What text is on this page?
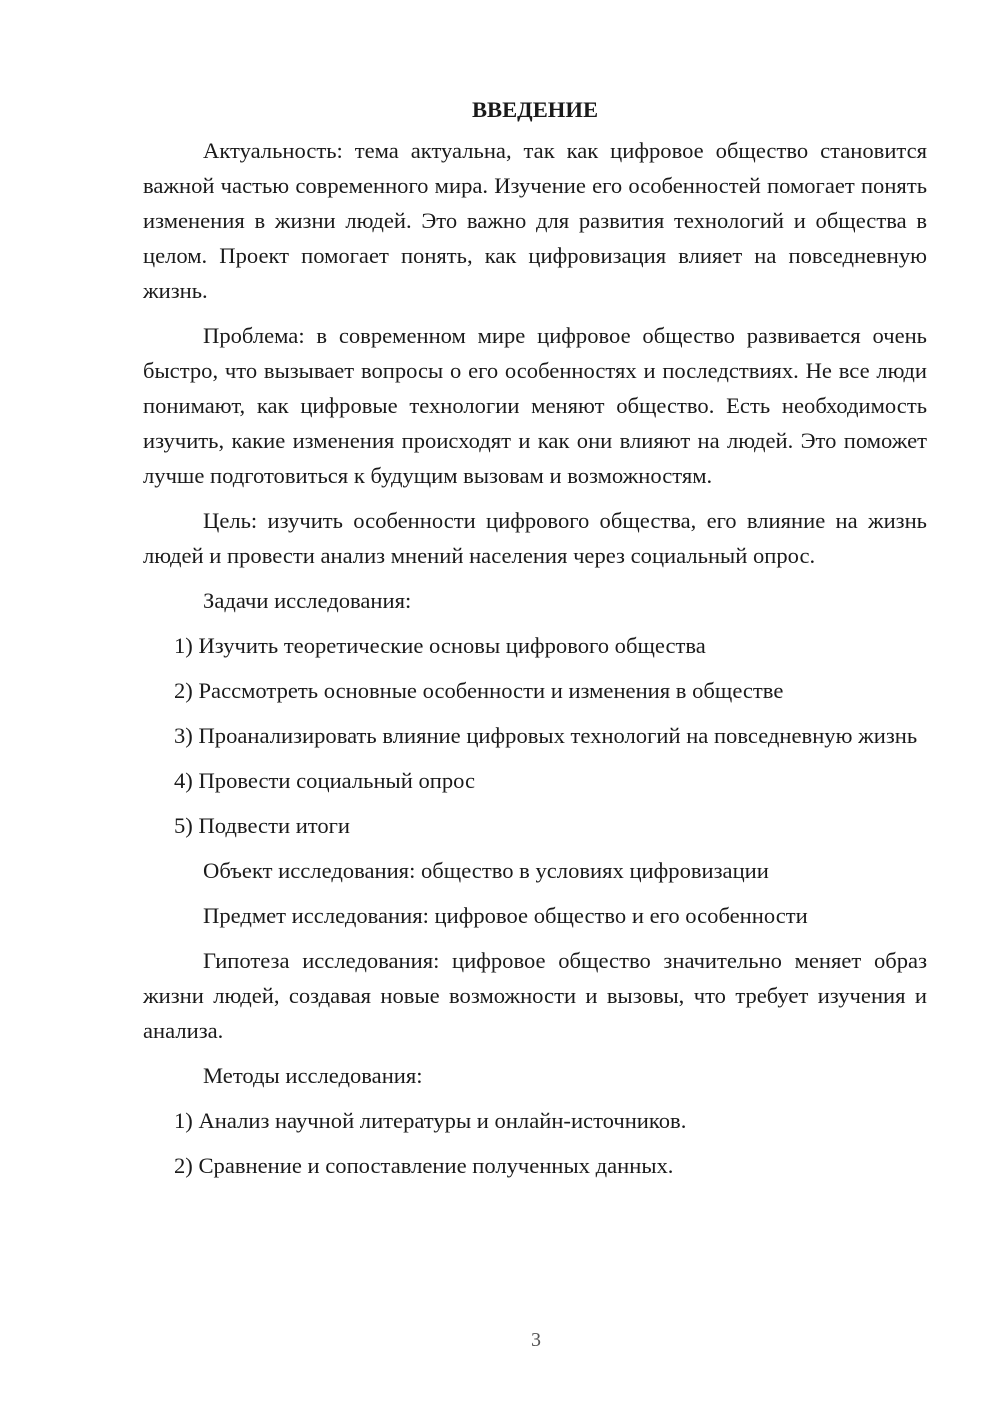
ВВЕДЕНИЕ

Актуальность: тема актуальна, так как цифровое общество становится важной частью современного мира. Изучение его особенностей помогает понять изменения в жизни людей. Это важно для развития технологий и общества в целом. Проект помогает понять, как цифровизация влияет на повседневную жизнь.

Проблема: в современном мире цифровое общество развивается очень быстро, что вызывает вопросы о его особенностях и последствиях. Не все люди понимают, как цифровые технологии меняют общество. Есть необходимость изучить, какие изменения происходят и как они влияют на людей. Это поможет лучше подготовиться к будущим вызовам и возможностям.

Цель: изучить особенности цифрового общества, его влияние на жизнь людей и провести анализ мнений населения через социальный опрос.

Задачи исследования:

1) Изучить теоретические основы цифрового общества

2) Рассмотреть основные особенности и изменения в обществе

3) Проанализировать влияние цифровых технологий на повседневную жизнь

4) Провести социальный опрос

5) Подвести итоги

Объект исследования: общество в условиях цифровизации

Предмет исследования: цифровое общество и его особенности

Гипотеза исследования: цифровое общество значительно меняет образ жизни людей, создавая новые возможности и вызовы, что требует изучения и анализа.

Методы исследования:

1) Анализ научной литературы и онлайн-источников.

2) Сравнение и сопоставление полученных данных.

3
